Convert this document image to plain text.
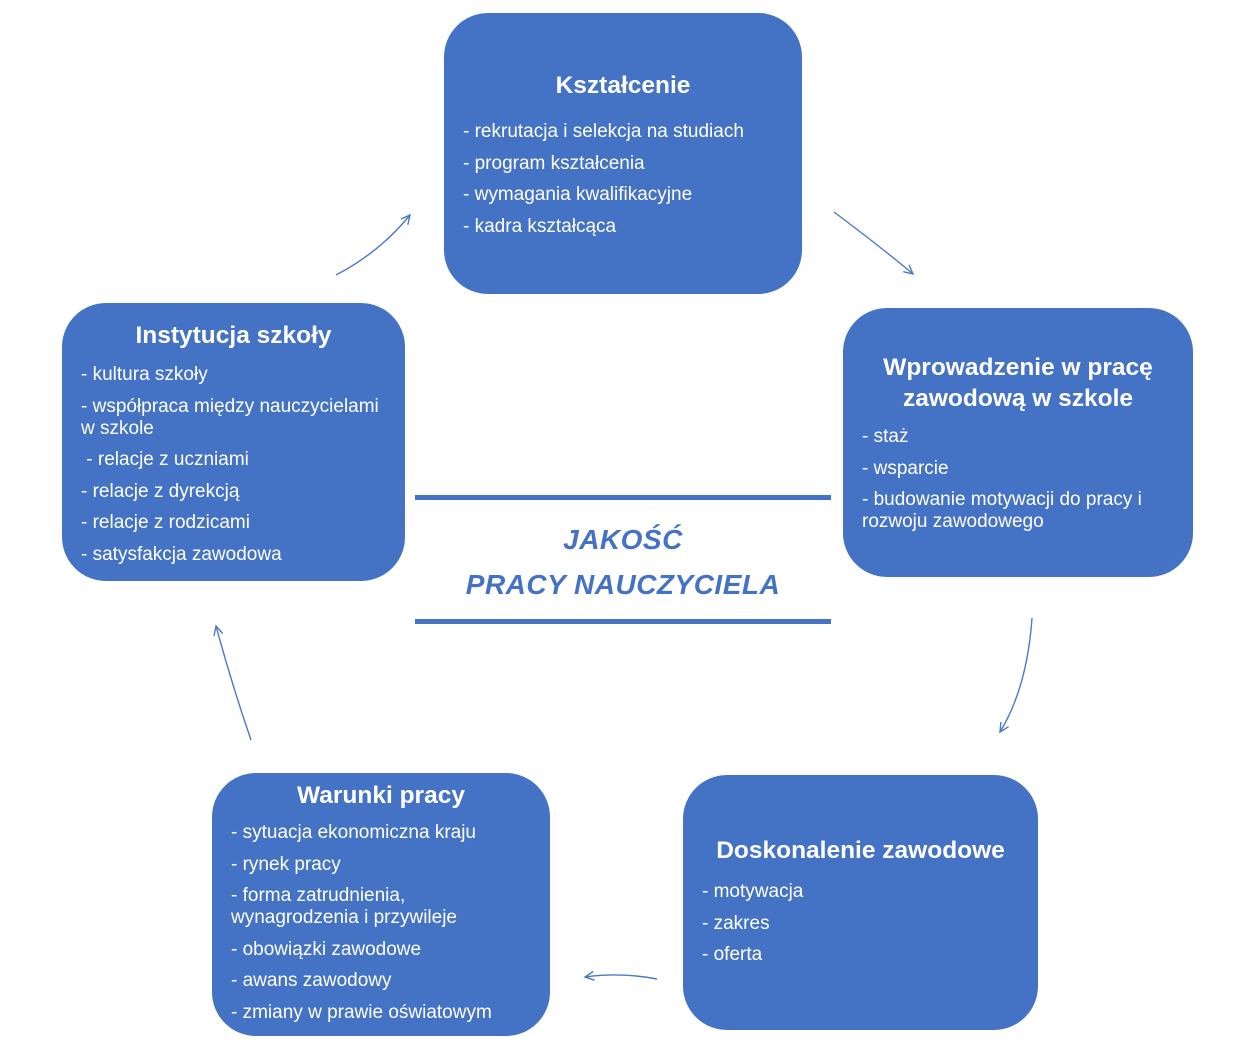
Kształcenie
- rekrutacja i selekcja na studiach
- program kształcenia
- wymagania kwalifikacyjne
- kadra kształcąca
Instytucja szkoły
- kultura szkoły
- współpraca między nauczycielami w szkole
- relacje z uczniami
- relacje z dyrekcją
- relacje z rodzicami
- satysfakcja zawodowa
Wprowadzenie w pracę zawodową w szkole
- staż
- wsparcie
- budowanie motywacji do pracy i rozwoju zawodowego
Warunki pracy
- sytuacja ekonomiczna kraju
- rynek pracy
- forma zatrudnienia, wynagrodzenia i przywileje
- obowiązki zawodowe
- awans zawodowy
- zmiany w prawie oświatowym
Doskonalenie zawodowe
- motywacja
- zakres
- oferta
JAKOŚĆ
PRACY NAUCZYCIELA
